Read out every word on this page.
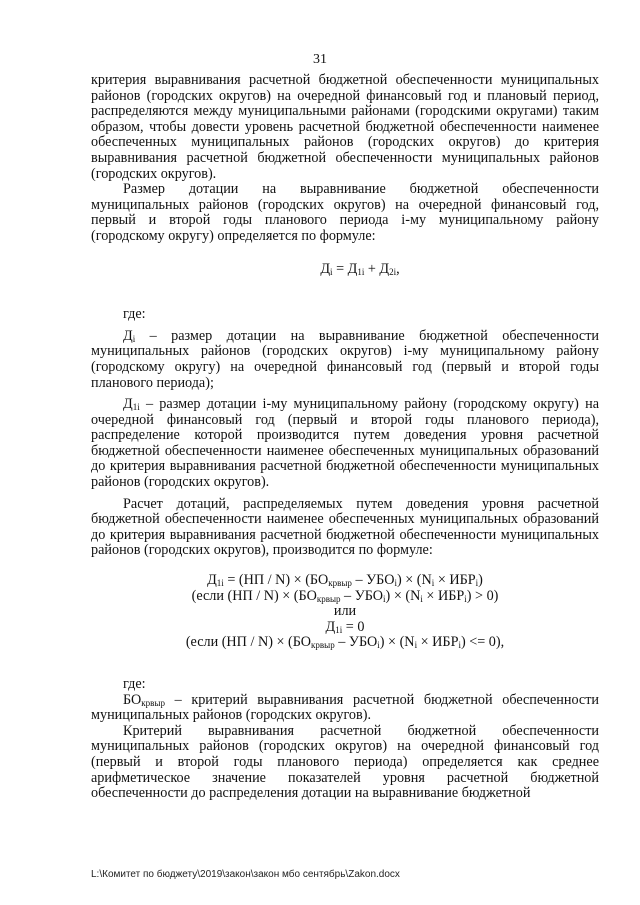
31

критерия выравнивания расчетной бюджетной обеспеченности муниципальных районов (городских округов) на очередной финансовый год и плановый период, распределяются между муниципальными районами (городскими округами) таким образом, чтобы довести уровень расчетной бюджетной обеспеченности наименее обеспеченных муниципальных районов (городских округов) до критерия выравнивания расчетной бюджетной обеспеченности муниципальных районов (городских округов).

Размер дотации на выравнивание бюджетной обеспеченности муниципальных районов (городских округов) на очередной финансовый год, первый и второй годы планового периода i-му муниципальному району (городскому округу) определяется по формуле:

$Д_i = Д_{1i} + Д_{2i}$,

где:

$Д_i$ – размер дотации на выравнивание бюджетной обеспеченности муниципальных районов (городских округов) i-му муниципальному району (городскому округу) на очередной финансовый год (первый и второй годы планового периода);

$Д_{1i}$ – размер дотации i-му муниципальному району (городскому округу) на очередной финансовый год (первый и второй годы планового периода), распределение которой производится путем доведения уровня расчетной бюджетной обеспеченности наименее обеспеченных муниципальных образований до критерия выравнивания расчетной бюджетной обеспеченности муниципальных районов (городских округов).

Расчет дотаций, распределяемых путем доведения уровня расчетной бюджетной обеспеченности наименее обеспеченных муниципальных образований до критерия выравнивания расчетной бюджетной обеспеченности муниципальных районов (городских округов), производится по формуле:

$Д_{1i} = (НП / N) \times (БО_{крвыр} - УБО_i) \times (N_i \times ИБР_i)$

(если $(НП / N) \times (БО_{крвыр} - УБО_i) \times (N_i \times ИБР_i) > 0$)

или

$Д_{1i} = 0$

(если $(НП / N) \times (БО_{крвыр} - УБО_i) \times (N_i \times ИБР_i) <= 0$),

где:

$БО_{крвыр}$ – критерий выравнивания расчетной бюджетной обеспеченности муниципальных районов (городских округов).

Критерий выравнивания расчетной бюджетной обеспеченности муниципальных районов (городских округов) на очередной финансовый год (первый и второй годы планового периода) определяется как среднее арифметическое значение показателей уровня расчетной бюджетной обеспеченности до распределения дотации на выравнивание бюджетной

L:\Комитет по бюджету\2019\закон\закон мбо сентябрь\Zakon.docx
